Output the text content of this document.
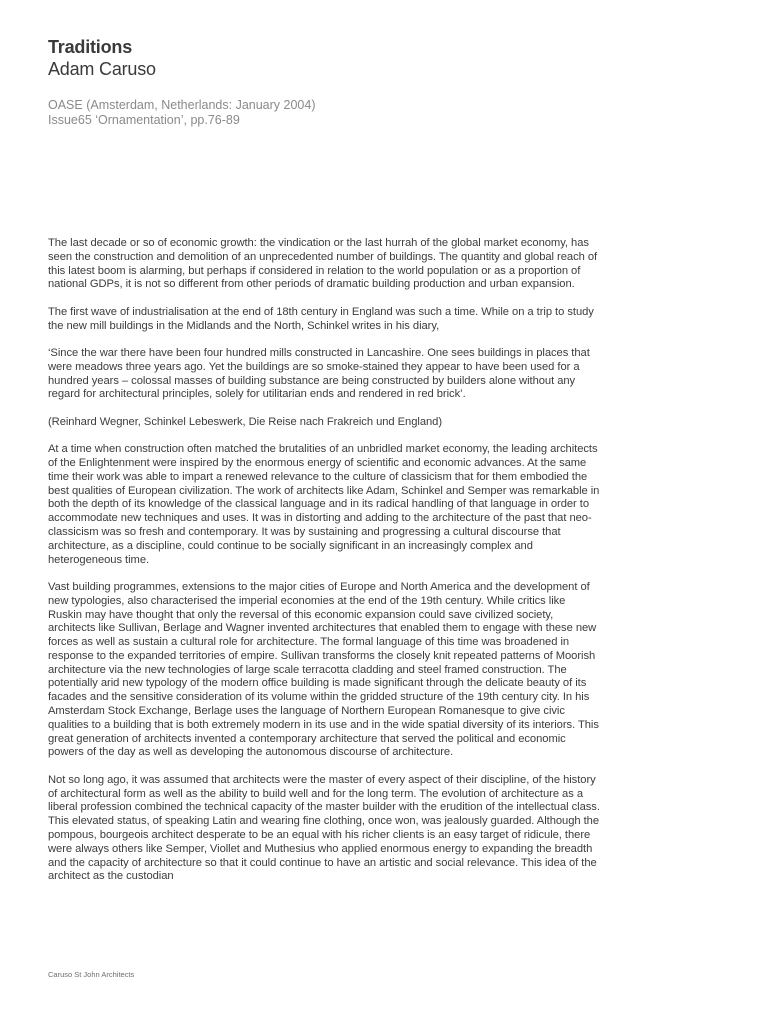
Traditions
Adam Caruso
OASE (Amsterdam, Netherlands: January 2004)
Issue65 ‘Ornamentation’, pp.76-89

The last decade or so of economic growth: the vindication or the last hurrah of the global market economy, has seen the construction and demolition of an unprecedented number of buildings. The quantity and global reach of this latest boom is alarming, but perhaps if considered in relation to the world population or as a proportion of national GDPs, it is not so different from other periods of dramatic building production and urban expansion.

The first wave of industrialisation at the end of 18th century in England was such a time. While on a trip to study the new mill buildings in the Midlands and the North, Schinkel writes in his diary,

‘Since the war there have been four hundred mills constructed in Lancashire. One sees buildings in places that were meadows three years ago. Yet the buildings are so smoke-stained they appear to have been used for a hundred years – colossal masses of building substance are being constructed by builders alone without any regard for architectural principles, solely for utilitarian ends and rendered in red brick’.

(Reinhard Wegner, Schinkel Lebeswerk, Die Reise nach Frakreich und England)

At a time when construction often matched the brutalities of an unbridled market economy, the leading architects of the Enlightenment were inspired by the enormous energy of scientific and economic advances. At the same time their work was able to impart a renewed relevance to the culture of classicism that for them embodied the best qualities of European civilization. The work of architects like Adam, Schinkel and Semper was remarkable in both the depth of its knowledge of the classical language and in its radical handling of that language in order to accommodate new techniques and uses. It was in distorting and adding to the architecture of the past that neo-classicism was so fresh and contemporary. It was by sustaining and progressing a cultural discourse that architecture, as a discipline, could continue to be socially significant in an increasingly complex and heterogeneous time.

Vast building programmes, extensions to the major cities of Europe and North America and the development of new typologies, also characterised the imperial economies at the end of the 19th century. While critics like Ruskin may have thought that only the reversal of this economic expansion could save civilized society, architects like Sullivan, Berlage and Wagner invented architectures that enabled them to engage with these new forces as well as sustain a cultural role for architecture. The formal language of this time was broadened in response to the expanded territories of empire. Sullivan transforms the closely knit repeated patterns of Moorish architecture via the new technologies of large scale terracotta cladding and steel framed construction. The potentially arid new typology of the modern office building is made significant through the delicate beauty of its facades and the sensitive consideration of its volume within the gridded structure of the 19th century city. In his Amsterdam Stock Exchange, Berlage uses the language of Northern European Romanesque to give civic qualities to a building that is both extremely modern in its use and in the wide spatial diversity of its interiors. This great generation of architects invented a contemporary architecture that served the political and economic powers of the day as well as developing the autonomous discourse of architecture.

Not so long ago, it was assumed that architects were the master of every aspect of their discipline, of the history of architectural form as well as the ability to build well and for the long term. The evolution of architecture as a liberal profession combined the technical capacity of the master builder with the erudition of the intellectual class. This elevated status, of speaking Latin and wearing fine clothing, once won, was jealously guarded. Although the pompous, bourgeois architect desperate to be an equal with his richer clients is an easy target of ridicule, there were always others like Semper, Viollet and Muthesius who applied enormous energy to expanding the breadth and the capacity of architecture so that it could continue to have an artistic and social relevance. This idea of the architect as the custodian

Caruso St John Architects
